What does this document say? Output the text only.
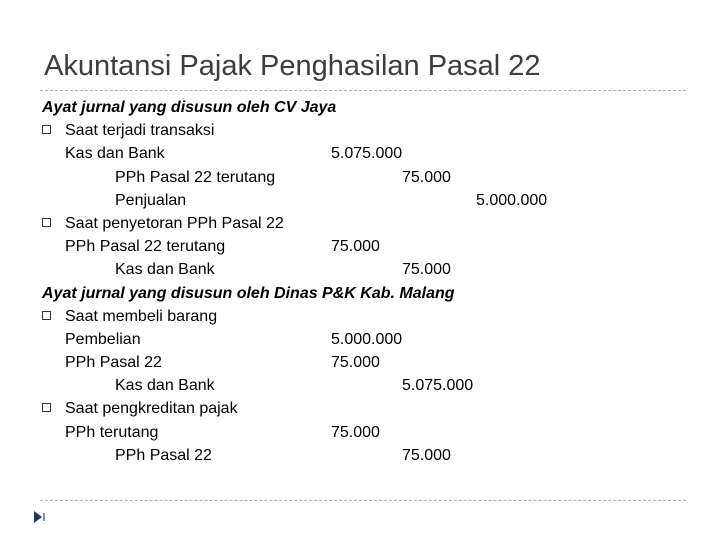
Akuntansi Pajak Penghasilan Pasal 22
Ayat jurnal yang disusun oleh CV Jaya
Saat terjadi transaksi
Kas dan Bank	5.075.000
PPh Pasal 22 terutang	75.000
Penjualan	5.000.000
Saat penyetoran PPh Pasal 22
PPh Pasal 22 terutang	75.000
Kas dan Bank	75.000
Ayat jurnal yang disusun oleh Dinas P&K Kab. Malang
Saat membeli barang
Pembelian	5.000.000
PPh Pasal 22	75.000
Kas dan Bank	5.075.000
Saat pengkreditan pajak
PPh terutang	75.000
PPh Pasal 22	75.000
